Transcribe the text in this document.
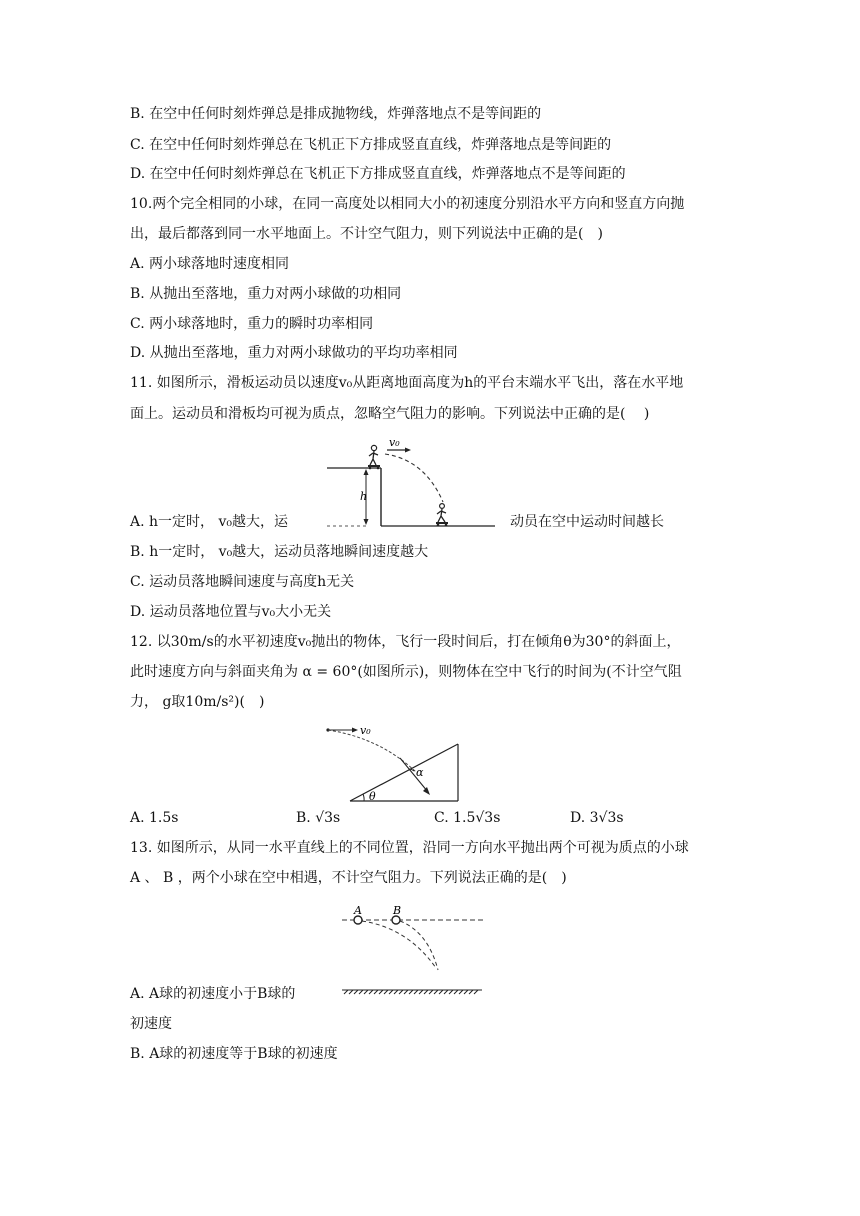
B. 在空中任何时刻炸弹总是排成抛物线，炸弹落地点不是等间距的
C. 在空中任何时刻炸弹总在飞机正下方排成竖直直线，炸弹落地点是等间距的
D. 在空中任何时刻炸弹总在飞机正下方排成竖直直线，炸弹落地点不是等间距的
10.两个完全相同的小球，在同一高度处以相同大小的初速度分别沿水平方向和竖直方向抛
出，最后都落到同一水平地面上。不计空气阻力，则下列说法中正确的是(　)
A. 两小球落地时速度相同
B. 从抛出至落地，重力对两小球做的功相同
C. 两小球落地时，重力的瞬时功率相同
D. 从抛出至落地，重力对两小球做功的平均功率相同
11. 如图所示，滑板运动员以速度v₀从距离地面高度为h的平台末端水平飞出，落在水平地
面上。运动员和滑板均可视为质点，忽略空气阻力的影响。下列说法中正确的是(　 )
h
v₀
A. h一定时， v₀越大，运	动员在空中运动时间越长
B. h一定时， v₀越大，运动员落地瞬间速度越大
C. 运动员落地瞬间速度与高度h无关
D. 运动员落地位置与v₀大小无关
12. 以30m/s的水平初速度v₀抛出的物体，飞行一段时间后，打在倾角θ为30°的斜面上，
此时速度方向与斜面夹角为 α = 60°(如图所示)，则物体在空中飞行的时间为(不计空气阻
力， g取10m/s²)(　)
v₀
θ
α
A. 1.5s	B. √3s	C. 1.5√3s	D. 3√3s
13. 如图所示，从同一水平直线上的不同位置，沿同一方向水平抛出两个可视为质点的小球
A 、 B ，两个小球在空中相遇，不计空气阻力。下列说法正确的是(　)
A	B
A. A球的初速度小于B球的
初速度
B. A球的初速度等于B球的初速度
